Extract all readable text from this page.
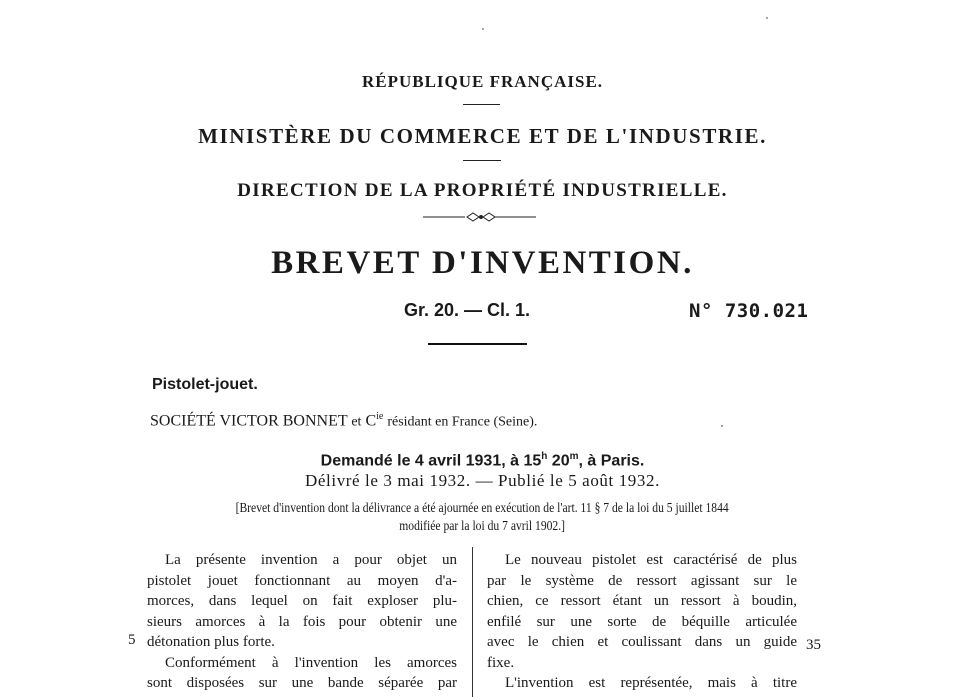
RÉPUBLIQUE FRANÇAISE.
MINISTÈRE DU COMMERCE ET DE L'INDUSTRIE.
DIRECTION DE LA PROPRIÉTÉ INDUSTRIELLE.
BREVET D'INVENTION.
Gr. 20. — Cl. 1.	N° 730.021
Pistolet-jouet.
SOCIÉTÉ VICTOR BONNET et $C^{ie}$ résidant en France (Seine).
Demandé le 4 avril 1931, à 15$^h$ 20$^m$, à Paris.
Délivré le 3 mai 1932. — Publié le 5 août 1932.
[Brevet d'invention dont la délivrance a été ajournée en exécution de l'art. 11 § 7 de la loi du 5 juillet 1844
modifiée par la loi du 7 avril 1902.]
La présente invention a pour objet un
pistolet jouet fonctionnant au moyen d'a-
morces, dans lequel on fait exploser plu-
sieurs amorces à la fois pour obtenir une
détonation plus forte.
Conformément à l'invention les amorces
sont disposées sur une bande séparée par
5
Le nouveau pistolet est caractérisé de plus
par le système de ressort agissant sur le
chien, ce ressort étant un ressort à boudin,
enfilé sur une sorte de béquille articulée
avec le chien et coulissant dans un guide
fixe.
L'invention est représentée, mais à titre
35
